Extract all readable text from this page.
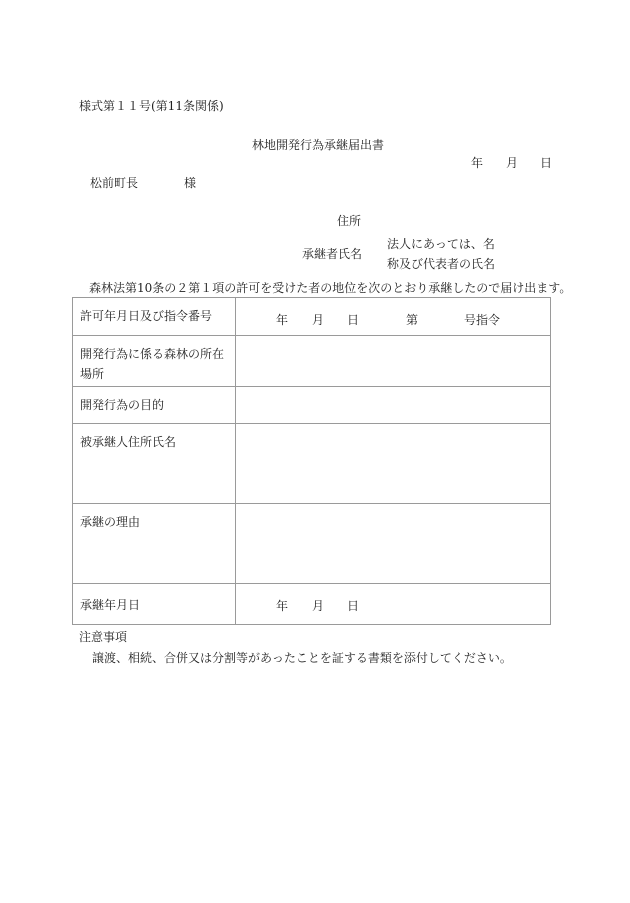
様式第１１号(第11条関係)
林地開発行為承継届出書
年 月 日
松前町長	様
住所
承継者氏名
法人にあっては、名
称及び代表者の氏名
森林法第10条の２第１項の許可を受けた者の地位を次のとおり承継したので届け出ます。
許可年月日及び指令番号	年 月 日 第 号指令

開発行為に係る森林の所在
場所	

開発行為の目的	
被承継人住所氏名	
承継の理由	
承継年月日	年 月 日
注意事項
譲渡、相続、合併又は分割等があったことを証する書類を添付してください。
